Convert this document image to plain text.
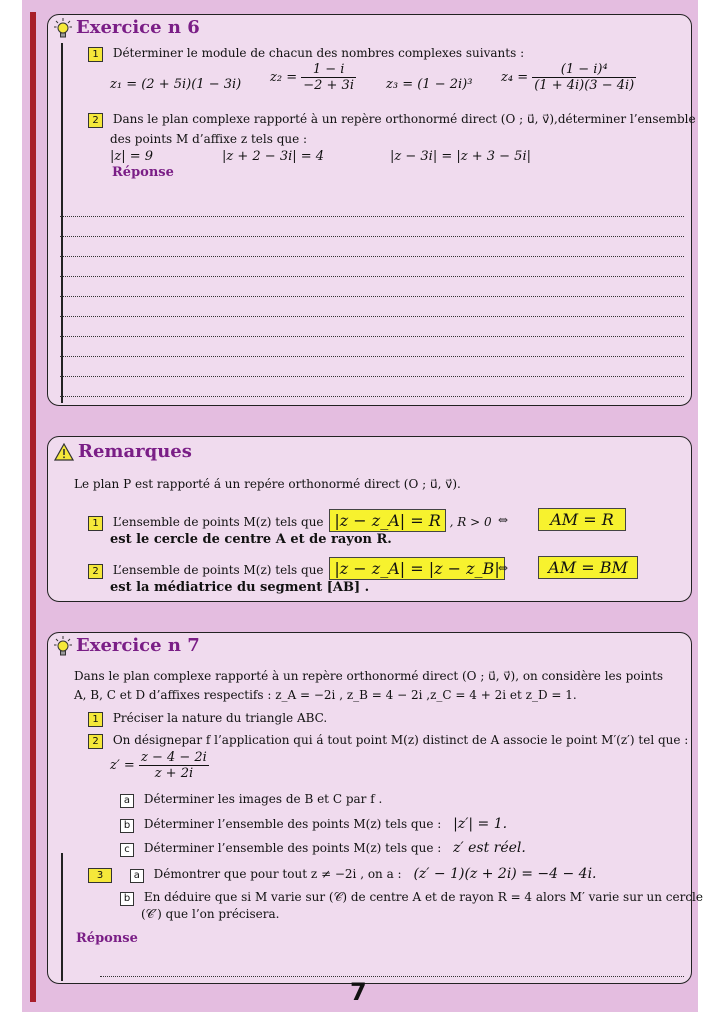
Exercice n 6
1 Déterminer le module de chacun des nombres complexes suivants :
z₁ = (2 + 5i)(1 − 3i) $z_2 = \frac{1 - i}{-2 + 3i} z_3 = (1 - 2i)^3$ $z_4 = \frac{\text{(1 − i)⁴}}{(1 + 4i)(3 - 4i)}$
2 Dans le plan complexe rapporté à un repère orthonormé direct (O ; u⃗, v⃗),déterminer l’ensemble
des points M d’affixe z tels que :
|z| = 9	|z + 2 − 3i| = 4	|z − 3i| = |z + 3 − 5i|
Réponse
Remarques
Le plan P est rapporté á un repére orthonormé direct (O ; u⃗, v⃗).
1 L’ensemble de points M(z) tels que |z − z_A| = R , R > 0 ⇔	AM = R
est le cercle de centre A et de rayon R.
2 L’ensemble de points M(z) tels que |z − z_A| = |z − z_B|
⇔	AM = BM
est la médiatrice du segment [AB] .
Exercice n 7
Dans le plan complexe rapporté à un repère orthonormé direct (O ; u⃗, v⃗), on considère les points
A, B, C et D d’affixes respectifs : z_A = −2i , z_B = 4 − 2i ,z_C = 4 + 2i et z_D = 1.
1 Préciser la nature du triangle ABC.
2 On désignepar f l’application qui á tout point M(z) distinct de A associe le point M′(z′) tel que :
$z' = \frac{z - 4 - 2i}{z + 2i}$
a Déterminer les images de B et C par f .
b Déterminer l’ensemble des points M(z) tels que : |z′| = 1.
c Déterminer l’ensemble des points M(z) tels que : z′ est réel.
3	a Démontrer que pour tout z ≠ −2i , on a : (z′ − 1)(z + 2i) = −4 − 4i.
b En déduire que si M varie sur (𝒞) de centre A et de rayon R = 4 alors M′ varie sur un cercle
(𝒞′) que l’on précisera.
Réponse
7
